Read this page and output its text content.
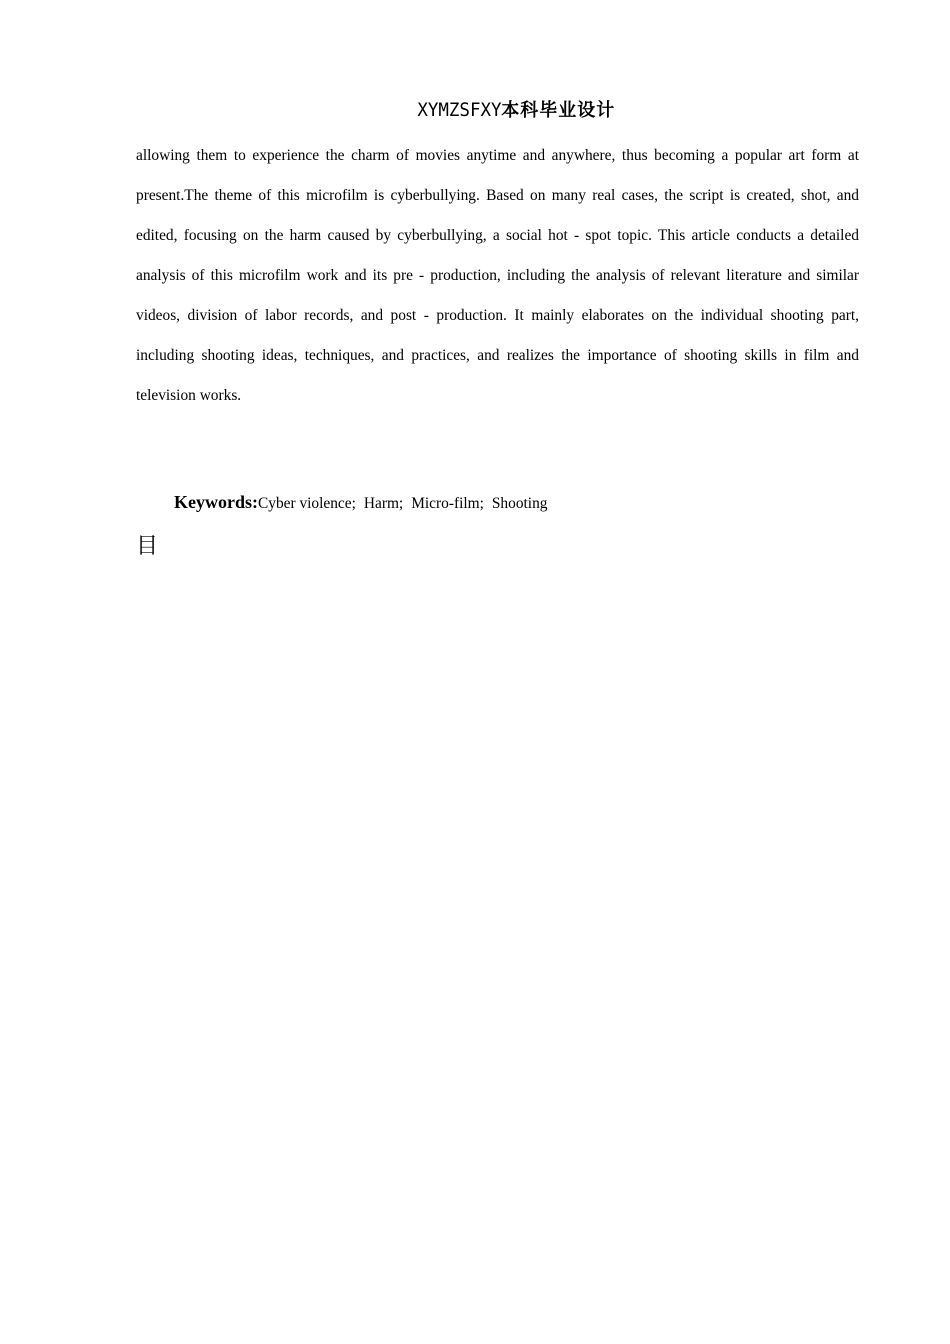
XYMZSFXY本科毕业设计

allowing them to experience the charm of movies anytime and anywhere, thus becoming a popular art form at present.The theme of this microfilm is cyberbullying. Based on many real cases, the script is created, shot, and edited, focusing on the harm caused by cyberbullying, a social hot - spot topic. This article conducts a detailed analysis of this microfilm work and its pre - production, including the analysis of relevant literature and similar videos, division of labor records, and post - production. It mainly elaborates on the individual shooting part, including shooting ideas, techniques, and practices, and realizes the importance of shooting skills in film and television works.

Keywords:Cyber violence; Harm; Micro-film; Shooting
目
